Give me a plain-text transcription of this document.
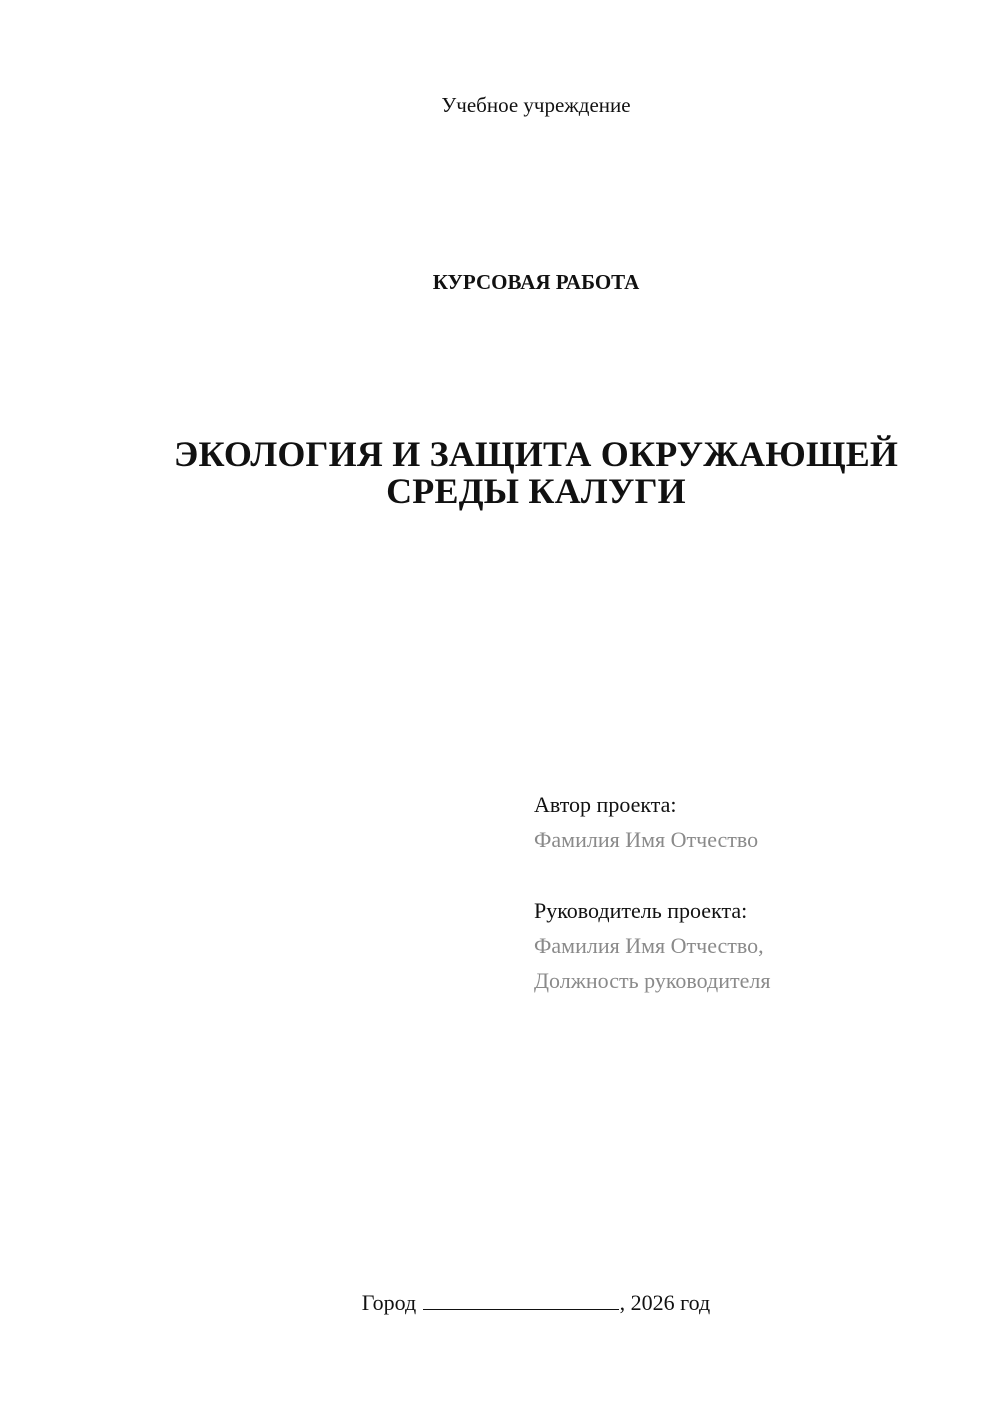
Учебное учреждение
КУРСОВАЯ РАБОТА
ЭКОЛОГИЯ И ЗАЩИТА ОКРУЖАЮЩЕЙ
СРЕДЫ КАЛУГИ
Автор проекта:
Фамилия Имя Отчество
Руководитель проекта:
Фамилия Имя Отчество,
Должность руководителя
Город	, 2026 год
